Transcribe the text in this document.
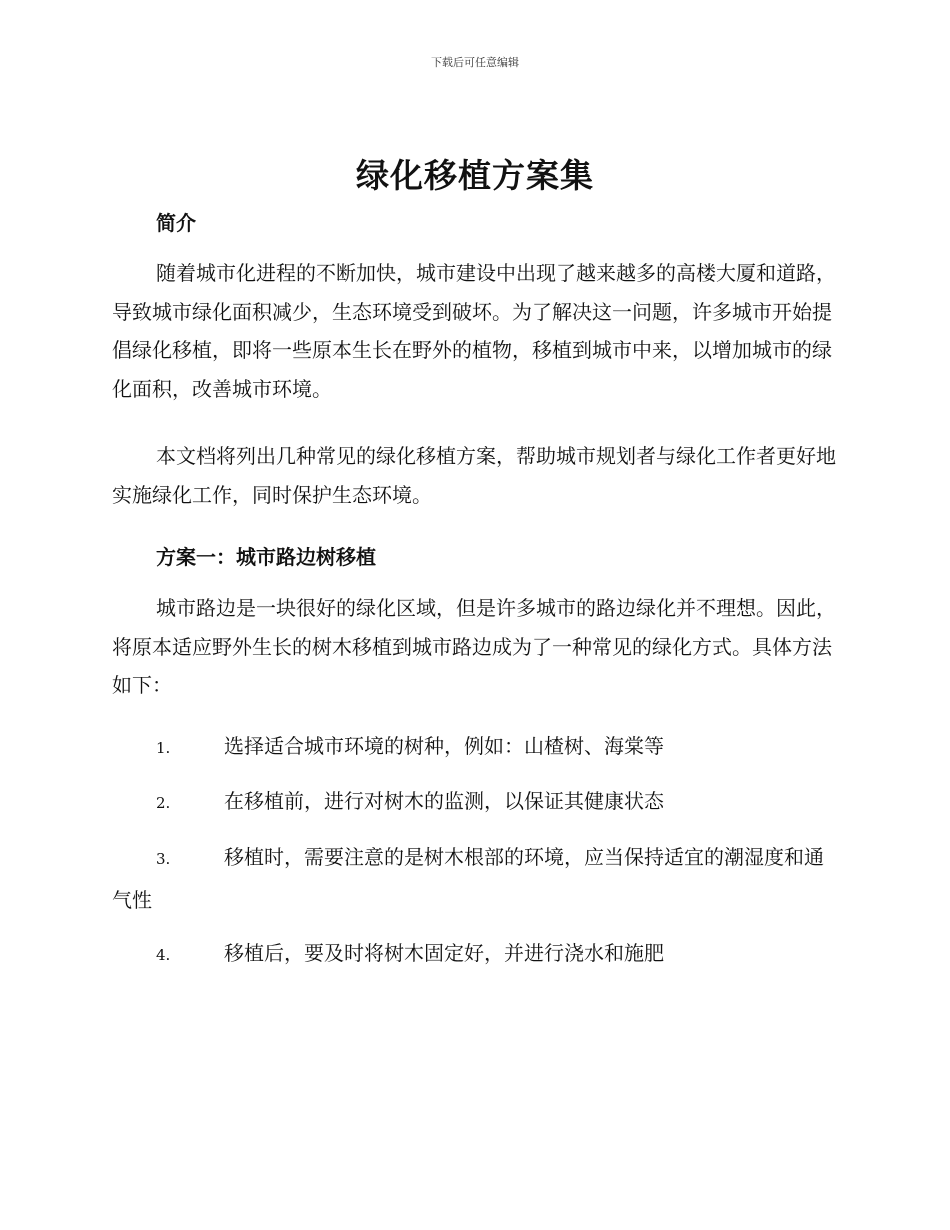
下载后可任意编辑
绿化移植方案集
简介

随着城市化进程的不断加快，城市建设中出现了越来越多的高楼大厦和道路，导致城市绿化面积减少，生态环境受到破坏。为了解决这一问题，许多城市开始提倡绿化移植，即将一些原本生长在野外的植物，移植到城市中来，以增加城市的绿化面积，改善城市环境。

本文档将列出几种常见的绿化移植方案，帮助城市规划者与绿化工作者更好地实施绿化工作，同时保护生态环境。

方案一：城市路边树移植

城市路边是一块很好的绿化区域，但是许多城市的路边绿化并不理想。因此，将原本适应野外生长的树木移植到城市路边成为了一种常见的绿化方式。具体方法如下：

1.	选择适合城市环境的树种，例如：山楂树、海棠等
2.	在移植前，进行对树木的监测，以保证其健康状态
3.	移植时，需要注意的是树木根部的环境，应当保持适宜的潮湿度和通气性
4.	移植后，要及时将树木固定好，并进行浇水和施肥
